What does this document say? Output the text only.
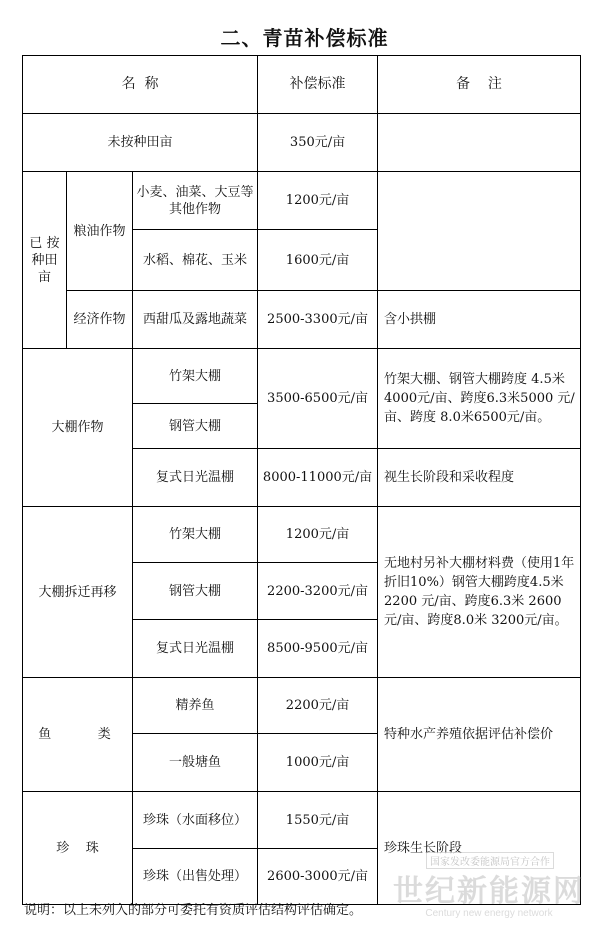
二、青苗补偿标准
名  称			补偿标准	备    注
未按种田亩			350元/亩	
已 按种田亩	粮油作物	小麦、油菜、大豆等其他作物	1200元/亩	
		水稻、棉花、玉米	1600元/亩	
	经济作物	西甜瓜及露地蔬菜	2500-3300元/亩	含小拱棚
大棚作物		竹架大棚	3500-6500元/亩	竹架大棚、钢管大棚跨度 4.5米4000元/亩、跨度6.3米5000 元/亩、跨度 8.0米6500元/亩。
		钢管大棚		
		复式日光温棚	8000-11000元/亩	视生长阶段和采收程度
大棚拆迁再移		竹架大棚	1200元/亩	无地村另补大棚材料费（使用1年折旧10%）钢管大棚跨度4.5米 2200 元/亩、跨度6.3米 2600元/亩、跨度8.0米 3200元/亩。
		钢管大棚	2200-3200元/亩	
		复式日光温棚	8500-9500元/亩	
鱼    类		精养鱼	2200元/亩	特种水产养殖依据评估补偿价
		一般塘鱼	1000元/亩	
珍    珠		珍珠（水面移位）	1550元/亩	珍珠生长阶段
		珍珠（出售处理）	2600-3000元/亩	
国家发改委能源局官方合作
世纪新能源网
Century new energy network
说明：以上未列入的部分可委托有资质评估结构评估确定。
